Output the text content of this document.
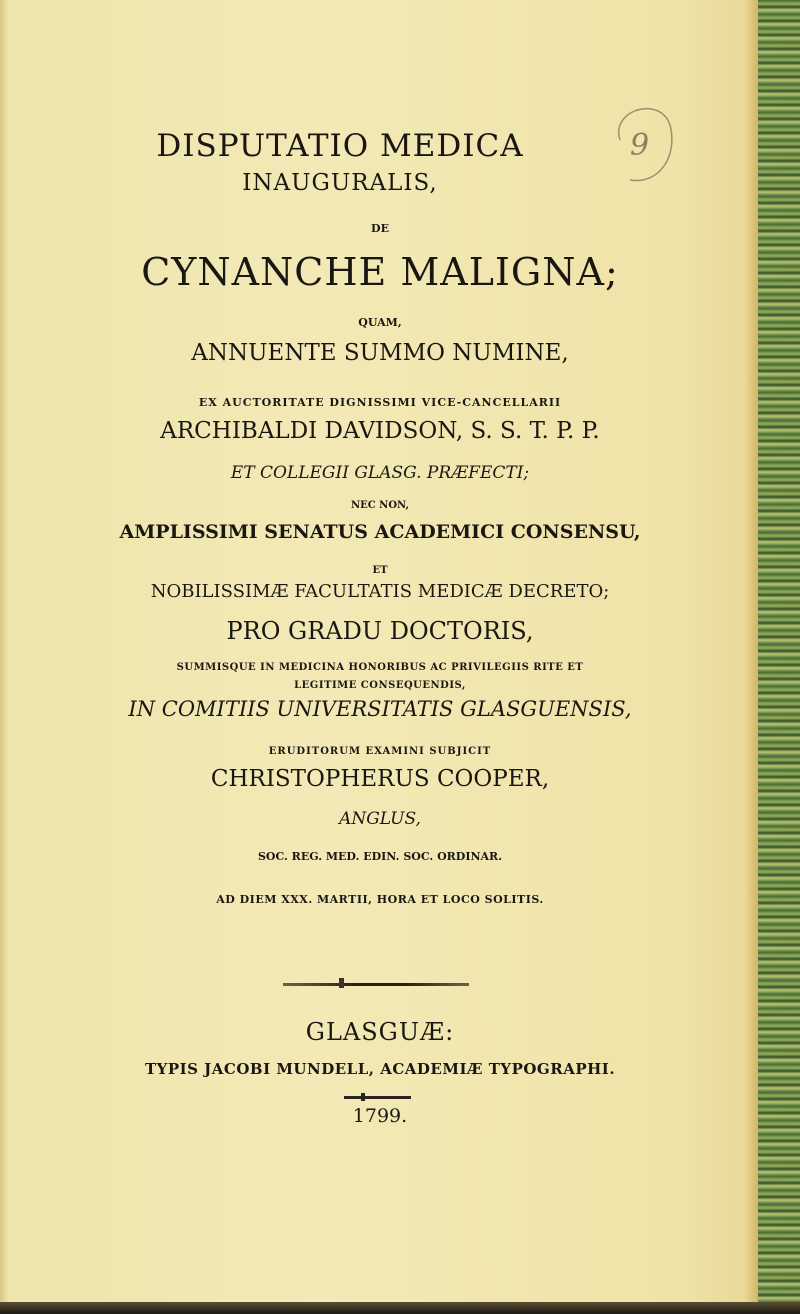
9

DISPUTATIO MEDICA

INAUGURALIS,

DE

CYNANCHE MALIGNA;

QUAM,

ANNUENTE SUMMO NUMINE,

EX AUCTORITATE DIGNISSIMI VICE-CANCELLARII

ARCHIBALDI DAVIDSON, S. S. T. P. P.

ET COLLEGII GLASG. PRÆFECTI;

NEC NON,

AMPLISSIMI SENATUS ACADEMICI CONSENSU,

ET

NOBILISSIMÆ FACULTATIS MEDICÆ DECRETO;

PRO GRADU DOCTORIS,

SUMMISQUE IN MEDICINA HONORIBUS AC PRIVILEGIIS RITE ET

LEGITIME CONSEQUENDIS,

IN COMITIIS UNIVERSITATIS GLASGUENSIS,

ERUDITORUM EXAMINI SUBJICIT

CHRISTOPHERUS COOPER,

ANGLUS,

SOC. REG. MED. EDIN. SOC. ORDINAR.

AD DIEM XXX. MARTII, HORA ET LOCO SOLITIS.

GLASGUÆ:

TYPIS JACOBI MUNDELL, ACADEMIÆ TYPOGRAPHI.

1799.
